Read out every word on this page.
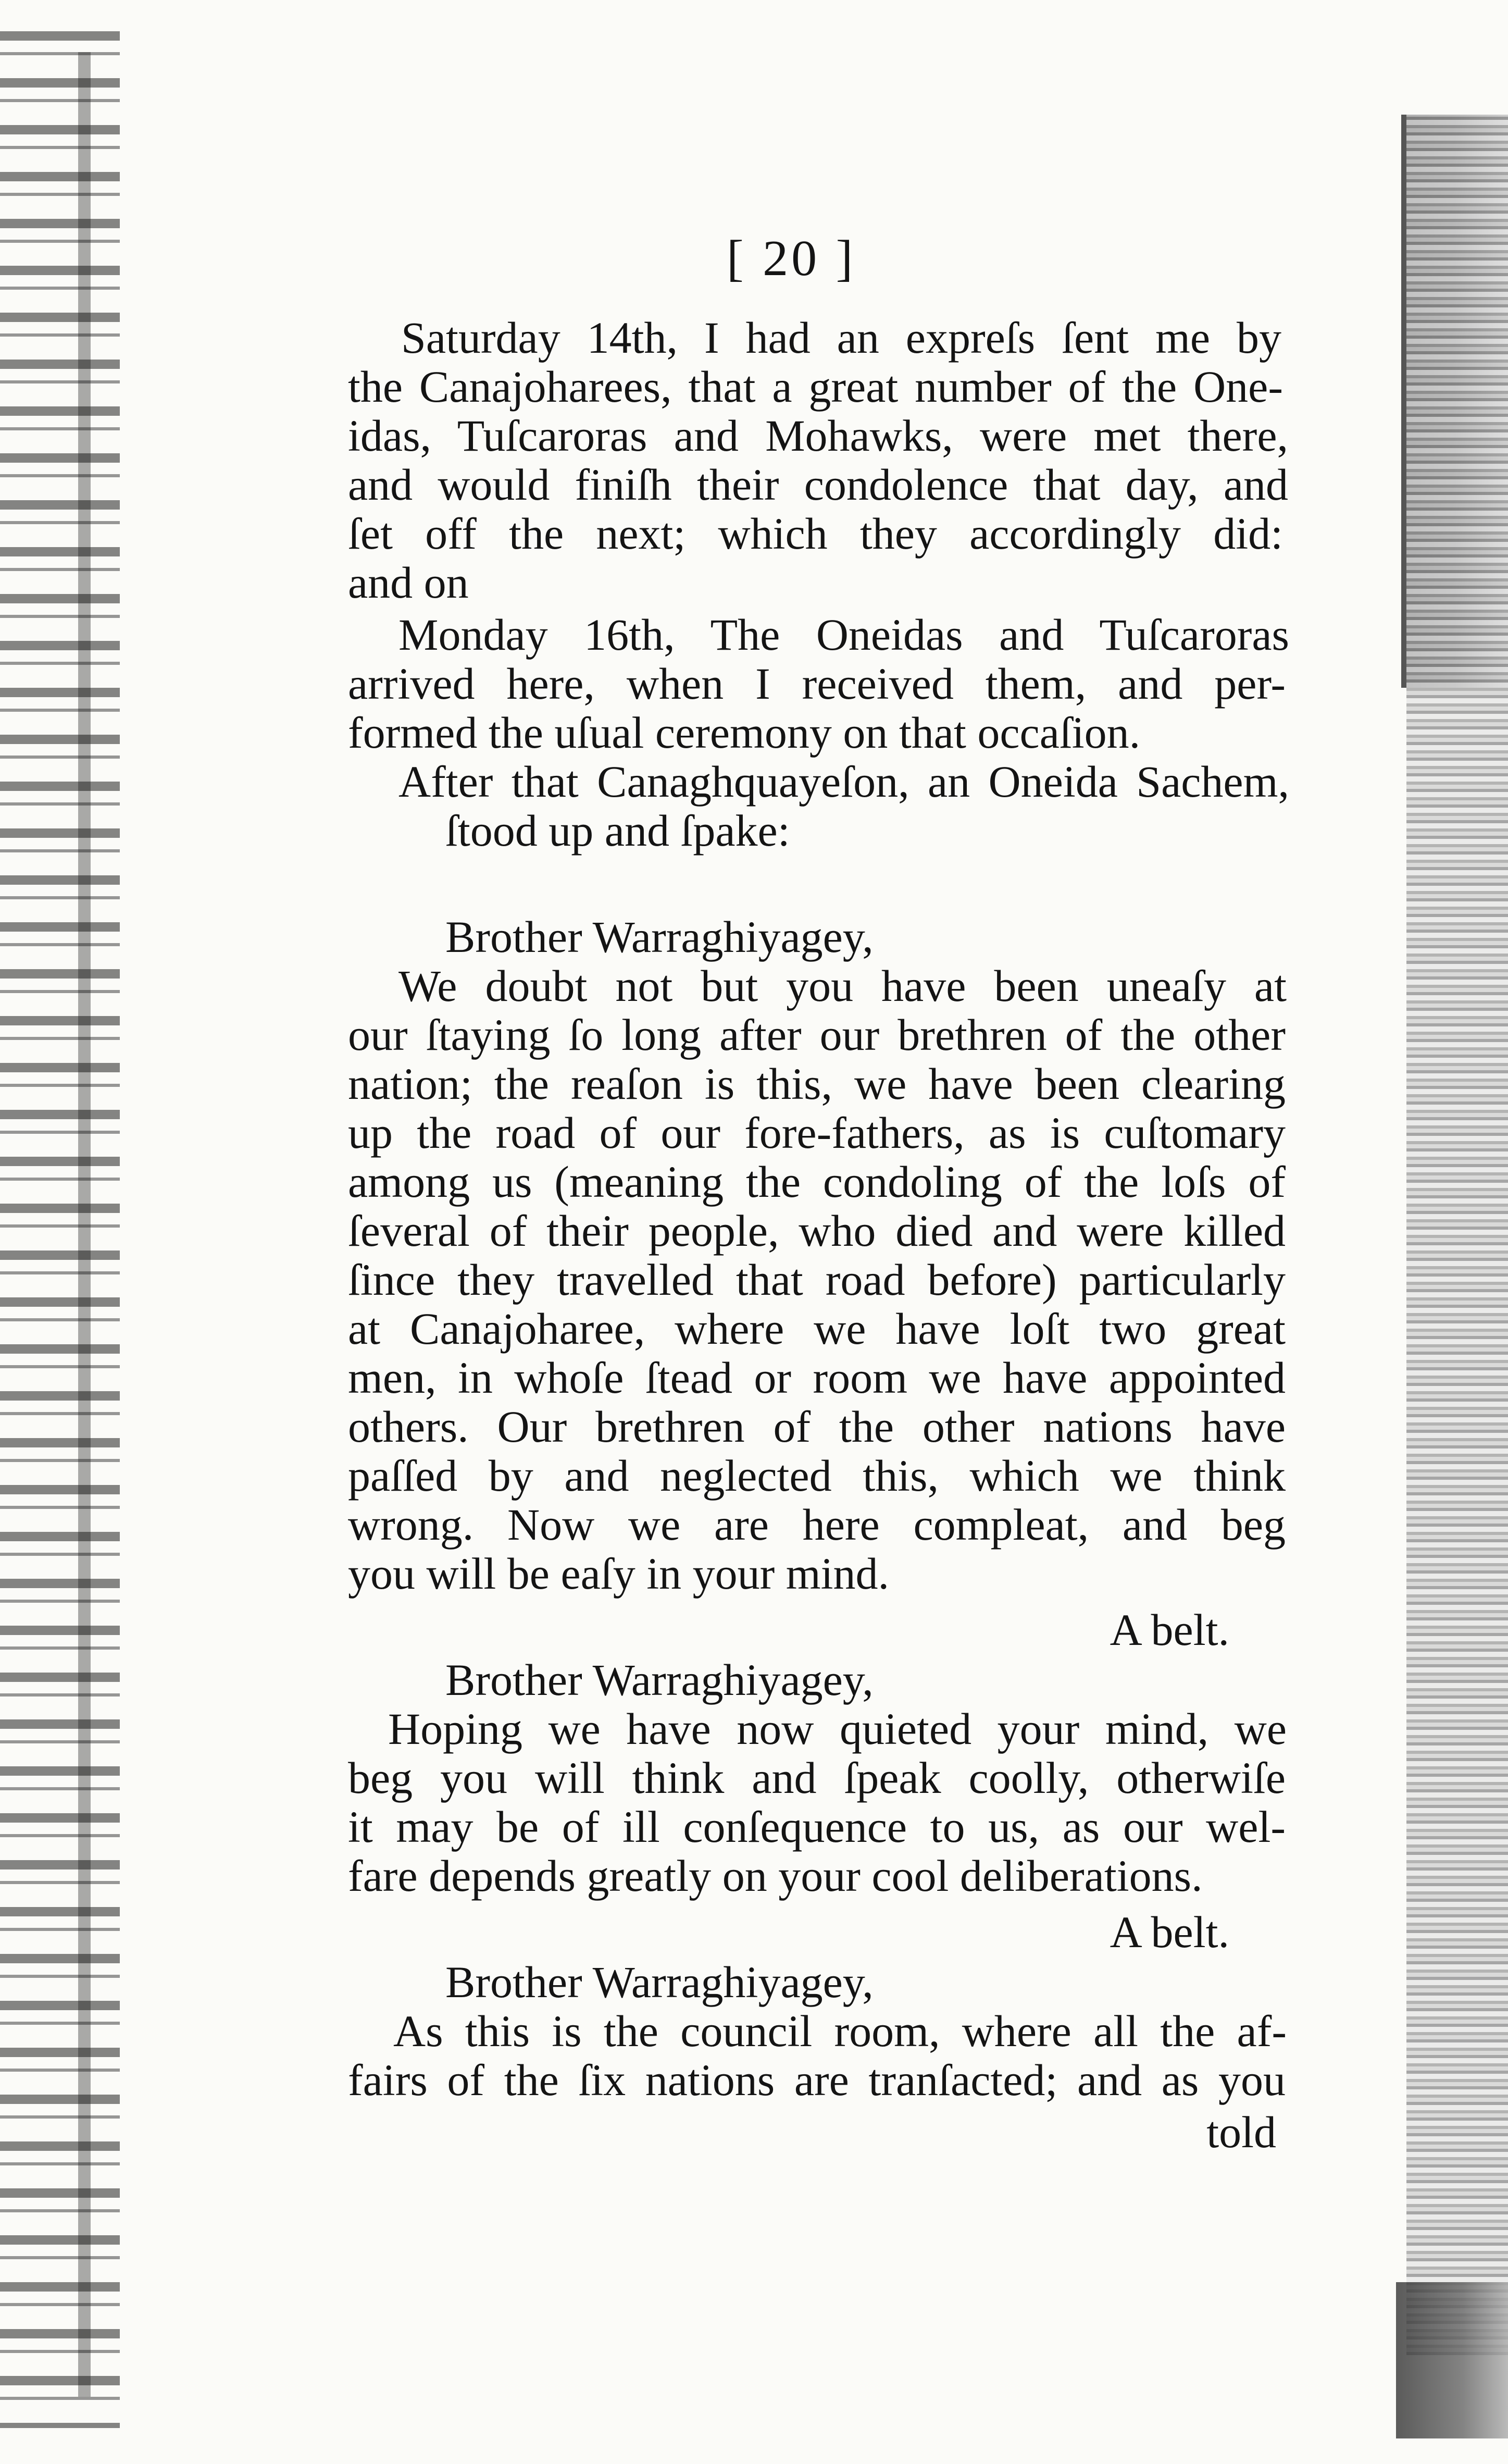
[ 20 ]
Saturday 14th, I had an expreſs ſent me by
the Canajoharees, that a great number of the One-
idas, Tuſcaroras and Mohawks, were met there,
and would finiſh their condolence that day, and
ſet off the next; which they accordingly did:
and on
Monday 16th, The Oneidas and Tuſcaroras
arrived here, when I received them, and per-
formed the uſual ceremony on that occaſion.
After that Canaghquayeſon, an Oneida Sachem,
ſtood up and ſpake:
Brother Warraghiyagey,
We doubt not but you have been uneaſy at
our ſtaying ſo long after our brethren of the other
nation; the reaſon is this, we have been clearing
up the road of our fore-fathers, as is cuſtomary
among us (meaning the condoling of the loſs of
ſeveral of their people, who died and were killed
ſince they travelled that road before) particularly
at Canajoharee, where we have loſt two great
men, in whoſe ſtead or room we have appointed
others. Our brethren of the other nations have
paſſed by and neglected this, which we think
wrong. Now we are here compleat, and beg
you will be eaſy in your mind.
A belt.
Brother Warraghiyagey,
Hoping we have now quieted your mind, we
beg you will think and ſpeak coolly, otherwiſe
it may be of ill conſequence to us, as our wel-
fare depends greatly on your cool deliberations.
A belt.
Brother Warraghiyagey,
As this is the council room, where all the af-
fairs of the ſix nations are tranſacted; and as you
told
